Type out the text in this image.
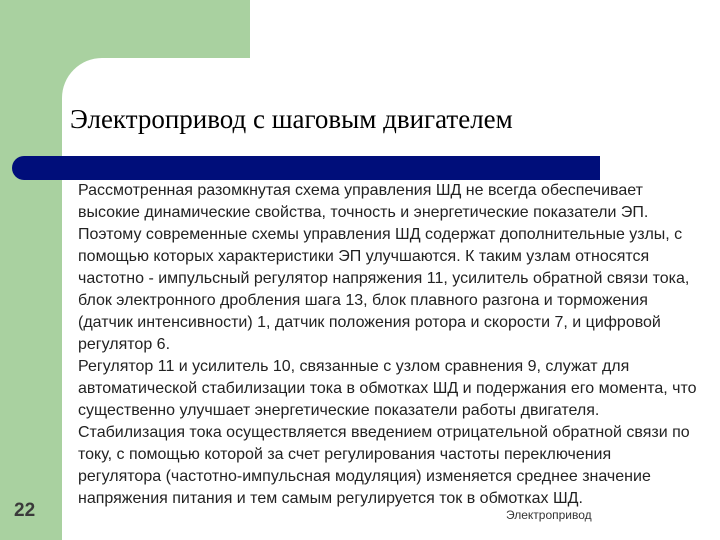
Электропривод с шаговым двигателем

Рассмотренная разомкнутая схема управления ШД не всегда обеспечивает высокие динамические свойства, точность и энергетические показатели ЭП. Поэтому современные схемы управления ШД содержат дополнительные узлы, с помощью которых характеристики ЭП улучшаются. К таким узлам относятся частотно - импульсный регулятор напряжения 11, усилитель обратной связи тока, блок электронного дробления шага 13, блок плавного разгона и торможения (датчик интенсивности) 1, датчик положения ротора и скорости 7, и цифровой регулятор 6.

Регулятор 11 и усилитель 10, связанные с узлом сравнения 9, служат для автоматической стабилизации тока в обмотках ШД и подержания его момента, что существенно улучшает энергетические показатели работы двигателя. Стабилизация тока осуществляется введением отрицательной обратной связи по току, с помощью которой за счет регулирования частоты переключения регулятора (частотно-импульсная модуляция) изменяется среднее значение напряжения питания и тем самым регулируется ток в обмотках ШД.

22	Электропривод
